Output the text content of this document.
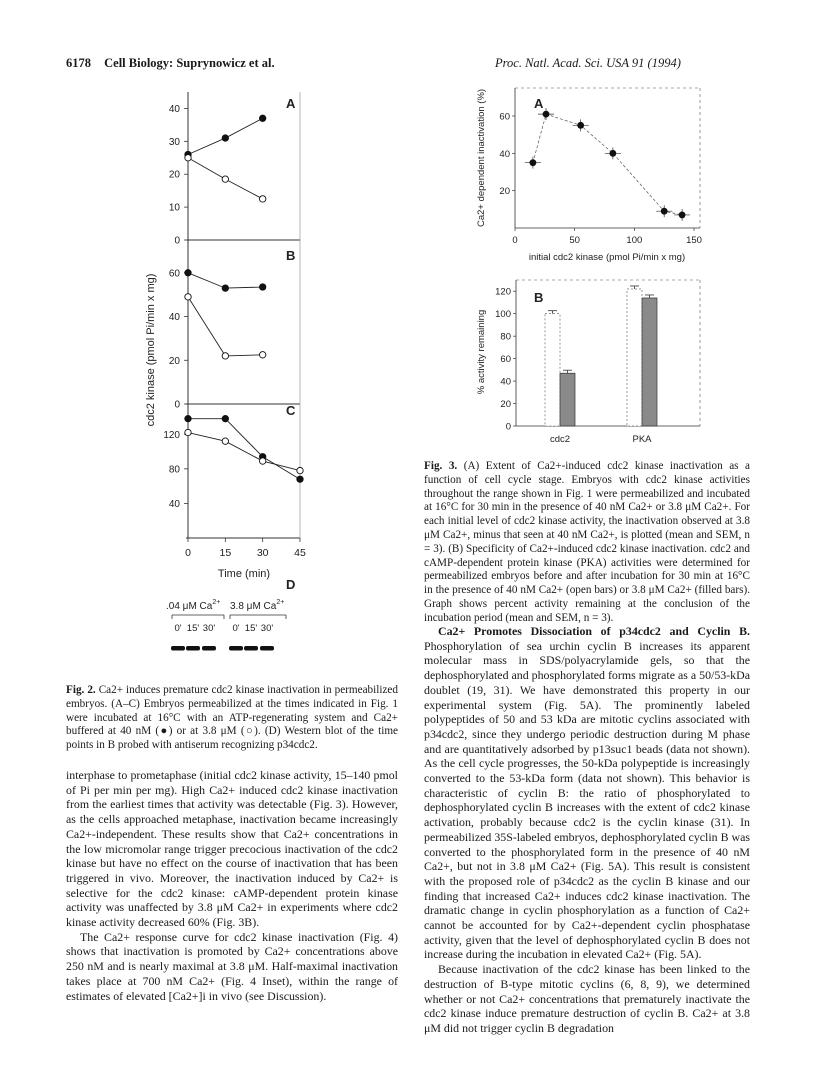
6178 Cell Biology: Suprynowicz et al.	Proc. Natl. Acad. Sci. USA 91 (1994)
cdc2 kinase (pmol Pi/min x mg)
0
10
20
30
40	A
0
20
40
60
B
40
80
120
C
0	15 30 45
Time (min)
D
.04 μM $Ca^{2+}$ 3.8 μM $Ca^{2+}$
0' 15' 30' 0' 15' 30'
A
Ca2+ dependent inactivation (%) 20
40
60
0	50	100	150
initial cdc2 kinase (pmol Pi/min x mg)
B
% activity remaining
0
20
40
60
80
100
120
cdc2	PKA
Fig. 2. Ca2+ induces premature cdc2 kinase inactivation in permeabilized embryos. (A–C) Embryos permeabilized at the times indicated in Fig. 1 were incubated at 16°C with an ATP-regenerating system and Ca2+ buffered at 40 nM (●) or at 3.8 μM (○). (D) Western blot of the time points in B probed with antiserum recognizing p34cdc2.

interphase to prometaphase (initial cdc2 kinase activity, 15–140 pmol of Pi per min per mg). High Ca2+ induced cdc2 kinase inactivation from the earliest times that activity was detectable (Fig. 3). However, as the cells approached metaphase, inactivation became increasingly Ca2+-independent. These results show that Ca2+ concentrations in the low micromolar range trigger precocious inactivation of the cdc2 kinase but have no effect on the course of inactivation that has been triggered in vivo. Moreover, the inactivation induced by Ca2+ is selective for the cdc2 kinase: cAMP-dependent protein kinase activity was unaffected by 3.8 μM Ca2+ in experiments where cdc2 kinase activity decreased 60% (Fig. 3B).

The Ca2+ response curve for cdc2 kinase inactivation (Fig. 4) shows that inactivation is promoted by Ca2+ concentrations above 250 nM and is nearly maximal at 3.8 μM. Half-maximal inactivation takes place at 700 nM Ca2+ (Fig. 4 Inset), within the range of estimates of elevated [Ca2+]i in vivo (see Discussion).

Fig. 3. (A) Extent of Ca2+-induced cdc2 kinase inactivation as a function of cell cycle stage. Embryos with cdc2 kinase activities throughout the range shown in Fig. 1 were permeabilized and incubated at 16°C for 30 min in the presence of 40 nM Ca2+ or 3.8 μM Ca2+. For each initial level of cdc2 kinase activity, the inactivation observed at 3.8 μM Ca2+, minus that seen at 40 nM Ca2+, is plotted (mean and SEM, n = 3). (B) Specificity of Ca2+-induced cdc2 kinase inactivation. cdc2 and cAMP-dependent protein kinase (PKA) activities were determined for permeabilized embryos before and after incubation for 30 min at 16°C in the presence of 40 nM Ca2+ (open bars) or 3.8 μM Ca2+ (filled bars). Graph shows percent activity remaining at the conclusion of the incubation period (mean and SEM, n = 3).

Ca2+ Promotes Dissociation of p34cdc2 and Cyclin B. Phosphorylation of sea urchin cyclin B increases its apparent molecular mass in SDS/polyacrylamide gels, so that the dephosphorylated and phosphorylated forms migrate as a 50/53-kDa doublet (19, 31). We have demonstrated this property in our experimental system (Fig. 5A). The prominently labeled polypeptides of 50 and 53 kDa are mitotic cyclins associated with p34cdc2, since they undergo periodic destruction during M phase and are quantitatively adsorbed by p13suc1 beads (data not shown). As the cell cycle progresses, the 50-kDa polypeptide is increasingly converted to the 53-kDa form (data not shown). This behavior is characteristic of cyclin B: the ratio of phosphorylated to dephosphorylated cyclin B increases with the extent of cdc2 kinase activation, probably because cdc2 is the cyclin kinase (31). In permeabilized 35S-labeled embryos, dephosphorylated cyclin B was converted to the phosphorylated form in the presence of 40 nM Ca2+, but not in 3.8 μM Ca2+ (Fig. 5A). This result is consistent with the proposed role of p34cdc2 as the cyclin B kinase and our finding that increased Ca2+ induces cdc2 kinase inactivation. The dramatic change in cyclin phosphorylation as a function of Ca2+ cannot be accounted for by Ca2+-dependent cyclin phosphatase activity, given that the level of dephosphorylated cyclin B does not increase during the incubation in elevated Ca2+ (Fig. 5A).

Because inactivation of the cdc2 kinase has been linked to the destruction of B-type mitotic cyclins (6, 8, 9), we determined whether or not Ca2+ concentrations that prematurely inactivate the cdc2 kinase induce premature destruction of cyclin B. Ca2+ at 3.8 μM did not trigger cyclin B degradation
